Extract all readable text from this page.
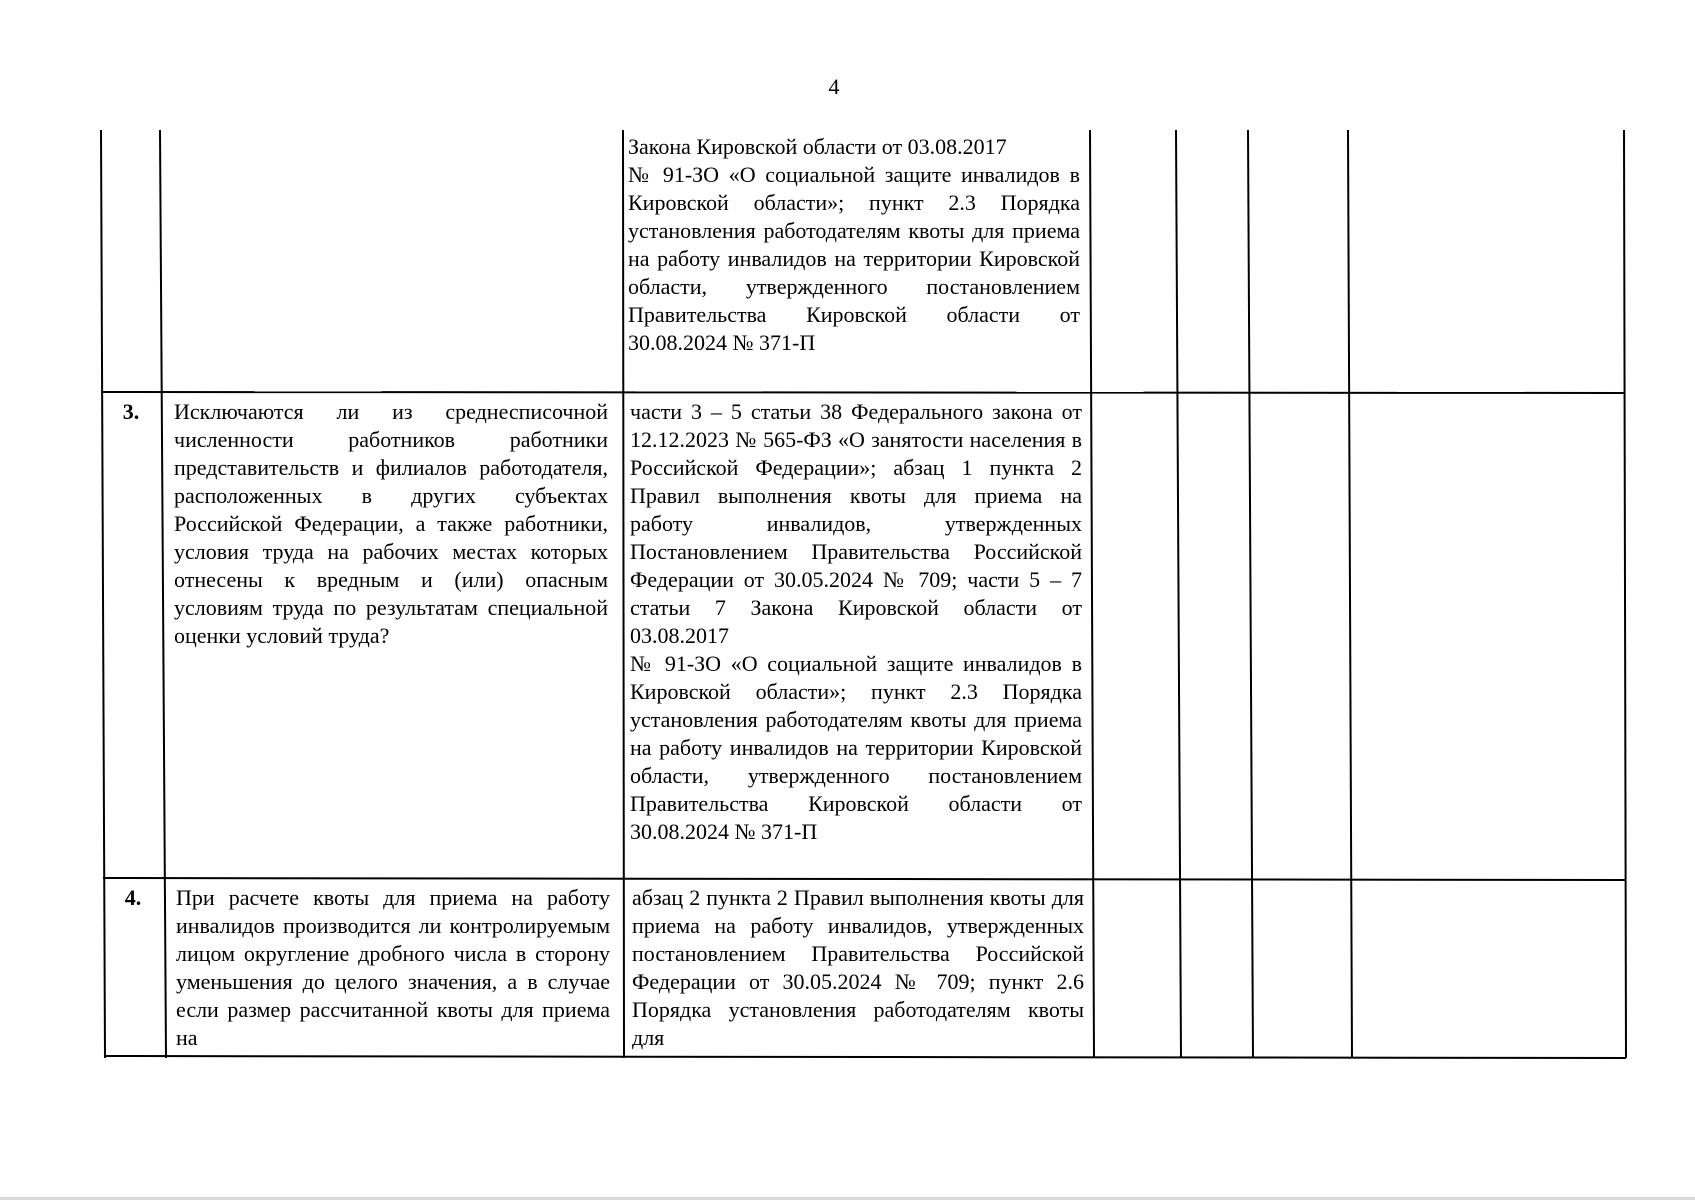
4
Закона Кировской области от 03.08.2017
№ 91-ЗО «О социальной защите инвалидов в Кировской области»; пункт 2.3 Порядка установления работодателям квоты для приема на работу инвалидов на территории Кировской области, утвержденного постановлением Правительства Кировской области от 30.08.2024 № 371-П
3.	Исключаются ли из среднесписочной численности работников работники представительств и филиалов работодателя, расположенных в других субъектах Российской Федерации, а также работники, условия труда на рабочих местах которых отнесены к вредным и (или) опасным условиям труда по результатам специальной оценки условий труда?
части 3 – 5 статьи 38 Федерального закона от 12.12.2023 № 565-ФЗ «О занятости населения в Российской Федерации»; абзац 1 пункта 2 Правил выполнения квоты для приема на работу инвалидов, утвержденных Постановлением Правительства Российской Федерации от 30.05.2024 № 709; части 5 – 7 статьи 7 Закона Кировской области от 03.08.2017
№ 91-ЗО «О социальной защите инвалидов в Кировской области»; пункт 2.3 Порядка установления работодателям квоты для приема на работу инвалидов на территории Кировской области, утвержденного постановлением Правительства Кировской области от 30.08.2024 № 371-П
4.	При расчете квоты для приема на работу инвалидов производится ли контролируемым лицом округление дробного числа в сторону уменьшения до целого значения, а в случае если размер рассчитанной квоты для приема на
абзац 2 пункта 2 Правил выполнения квоты для приема на работу инвалидов, утвержденных постановлением Правительства Российской Федерации от 30.05.2024 № 709; пункт 2.6 Порядка установления работодателям квоты для
